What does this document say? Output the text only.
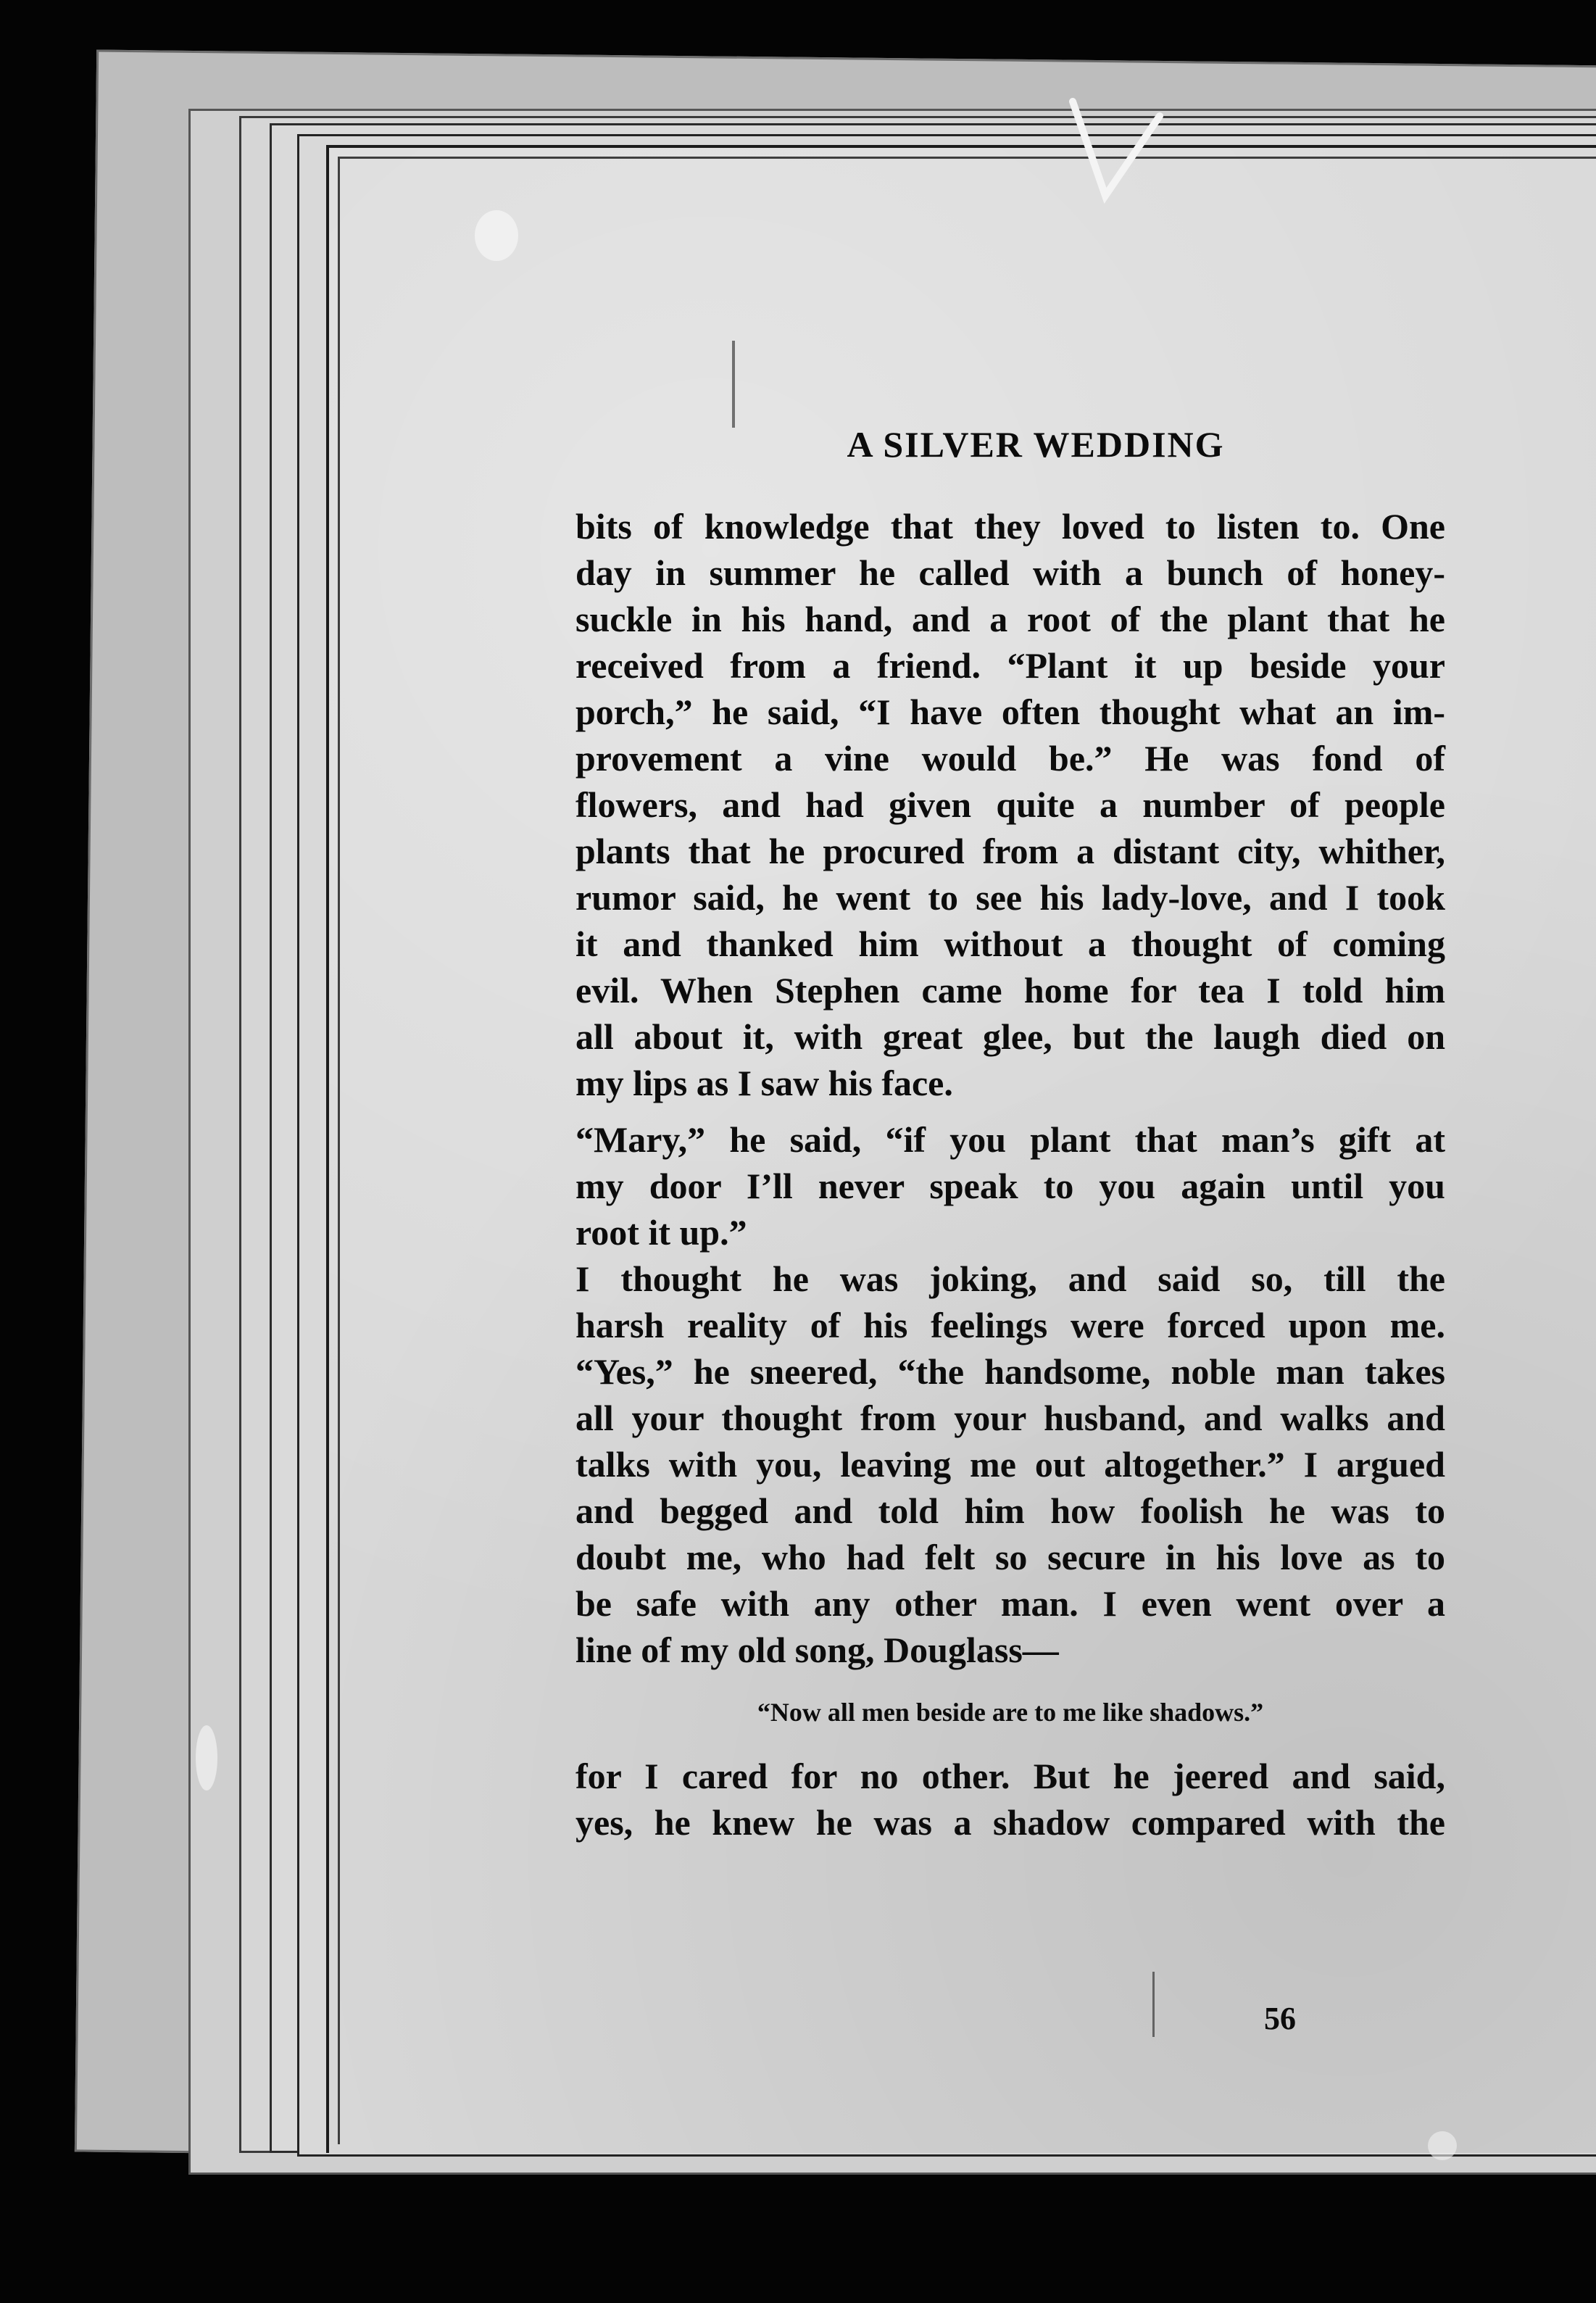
A SILVER WEDDING
bits of knowledge that they loved to listen to. One
day in summer he called with a bunch of honey-
suckle in his hand, and a root of the plant that he
received from a friend. “Plant it up beside your
porch,” he said, “I have often thought what an im-
provement a vine would be.” He was fond of
flowers, and had given quite a number of people
plants that he procured from a distant city, whither,
rumor said, he went to see his lady-love, and I took
it and thanked him without a thought of coming
evil. When Stephen came home for tea I told him
all about it, with great glee, but the laugh died on
my lips as I saw his face.
“Mary,” he said, “if you plant that man’s gift at
my door I’ll never speak to you again until you
root it up.”
I thought he was joking, and said so, till the
harsh reality of his feelings were forced upon me.
“Yes,” he sneered, “the handsome, noble man takes
all your thought from your husband, and walks and
talks with you, leaving me out altogether.” I argued
and begged and told him how foolish he was to
doubt me, who had felt so secure in his love as to
be safe with any other man. I even went over a
line of my old song, Douglass—
“Now all men beside are to me like shadows.”
for I cared for no other. But he jeered and said,
yes, he knew he was a shadow compared with the
56
